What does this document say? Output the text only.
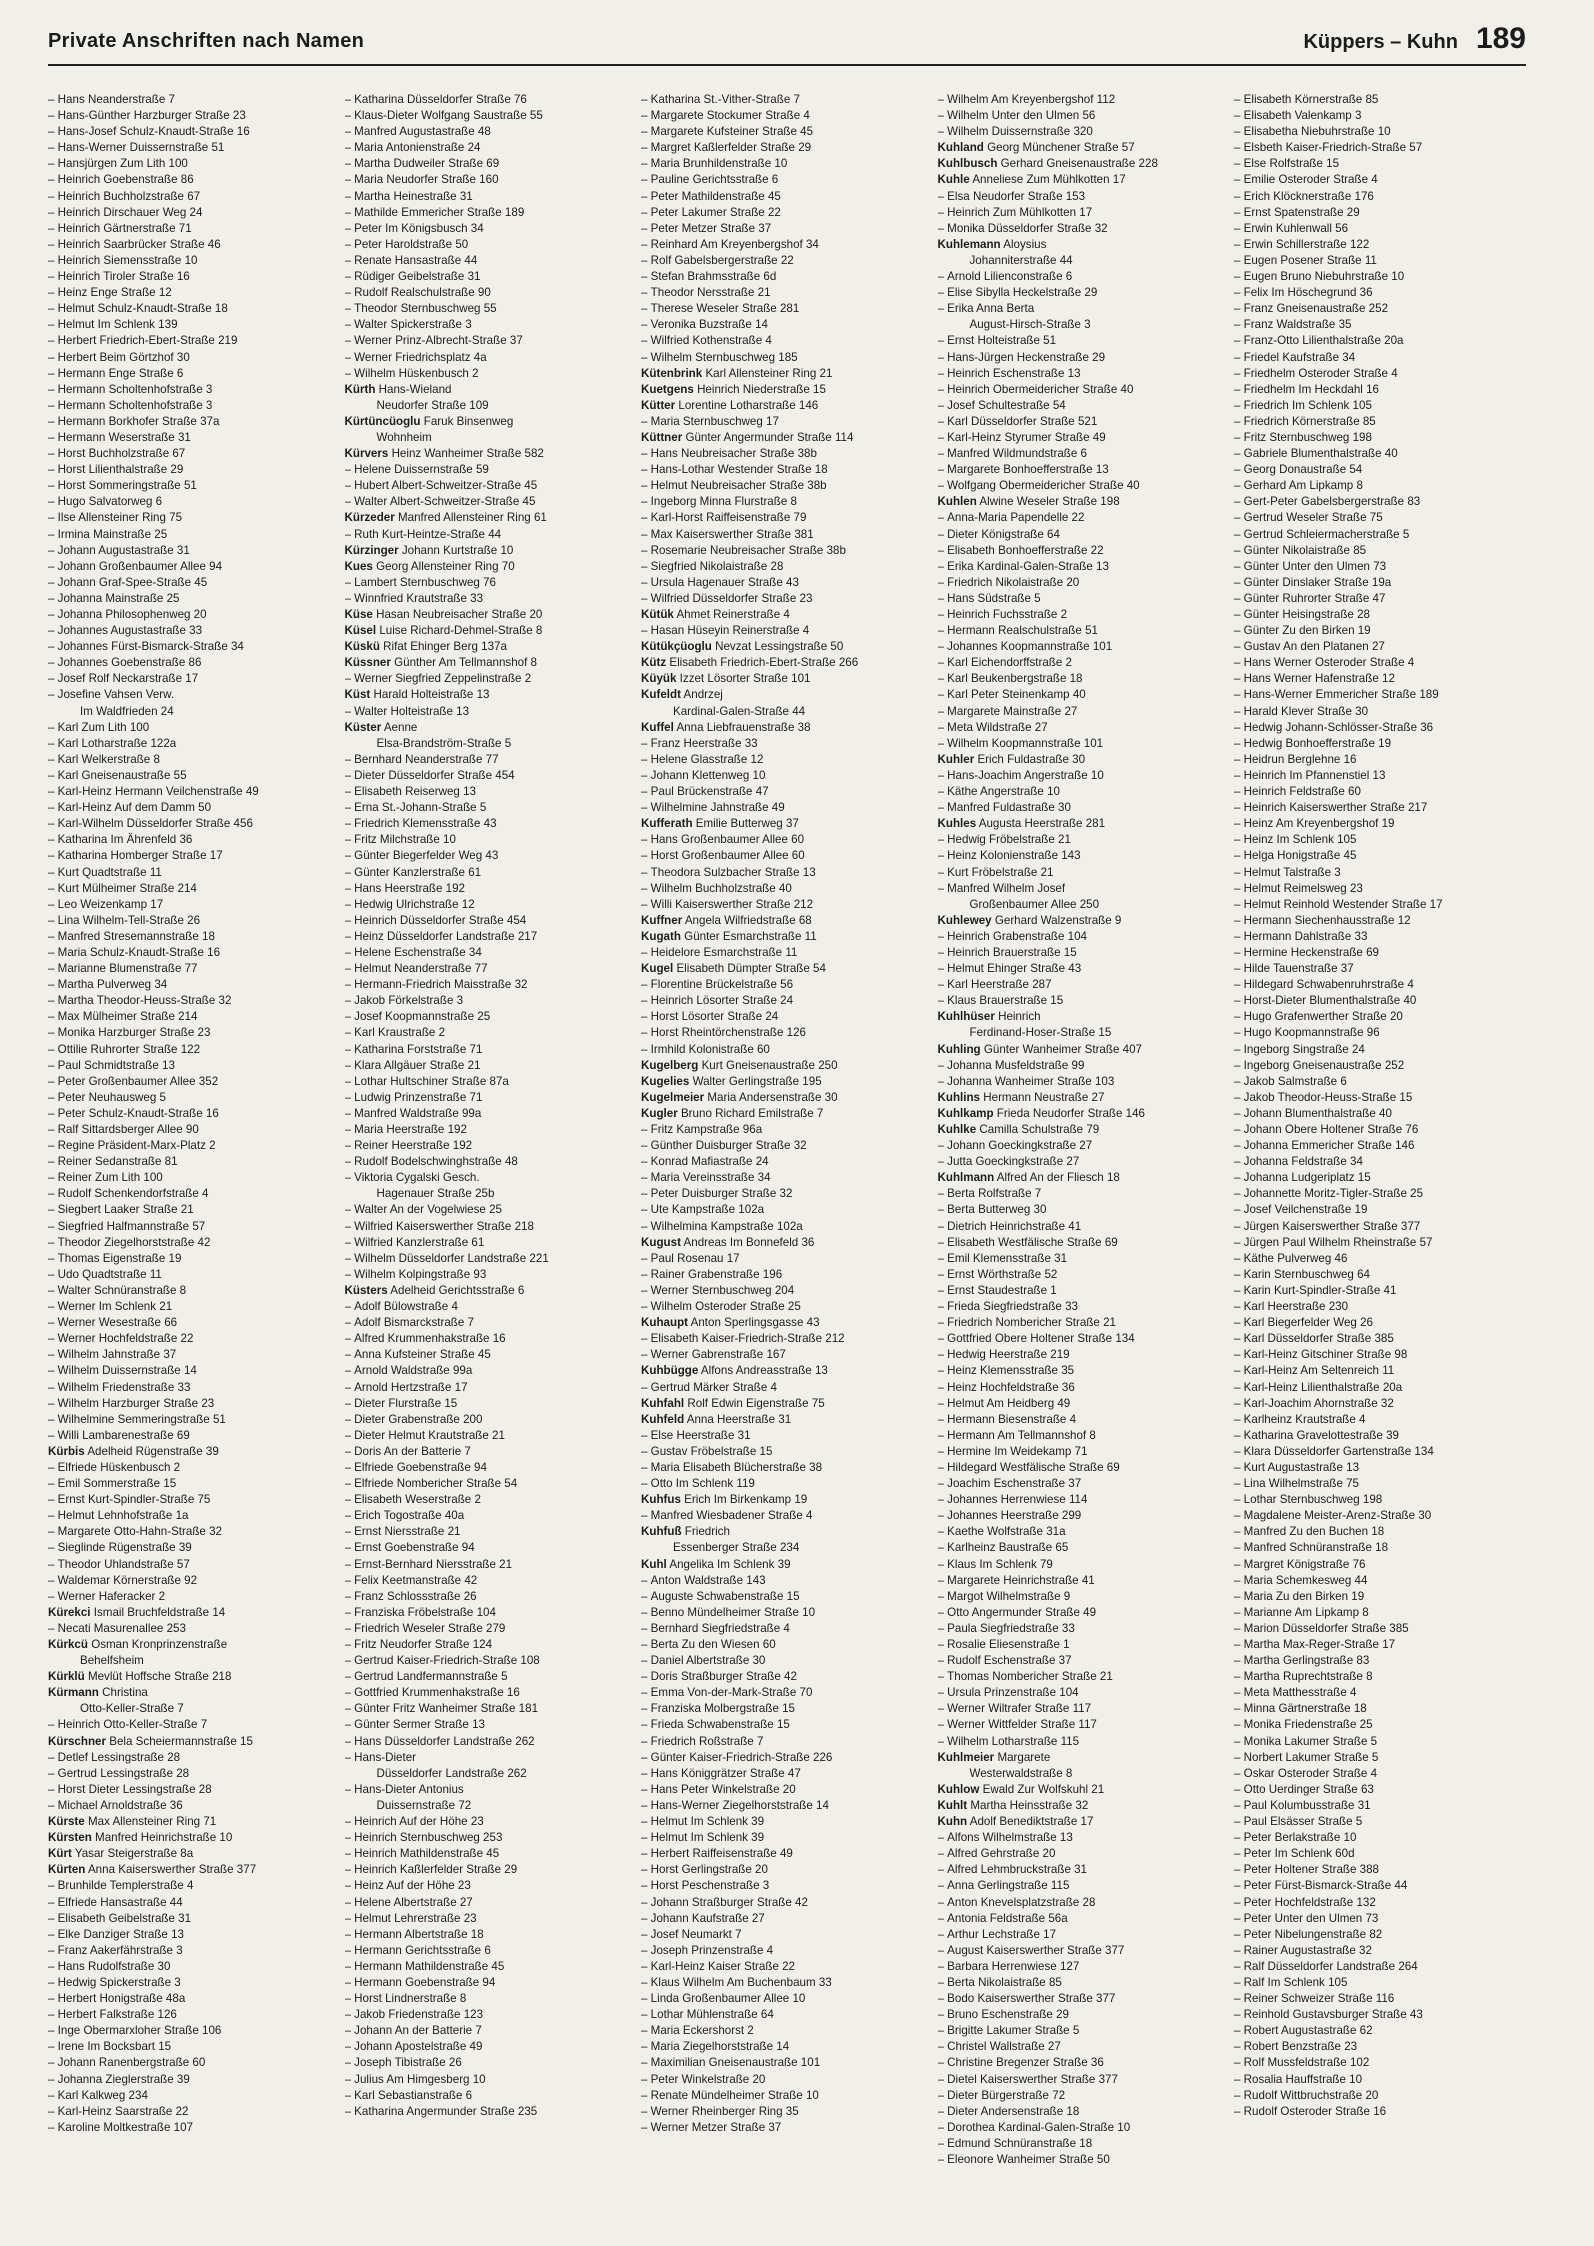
Private Anschriften nach Namen	Küppers – Kuhn 189
– Hans Neanderstraße 7
– Hans-Günther Harzburger Straße 23
– Hans-Josef Schulz-Knaudt-Straße 16
– Hans-Werner Duissernstraße 51
– Hansjürgen Zum Lith 100
– Heinrich Goebenstraße 86
– Heinrich Buchholzstraße 67
– Heinrich Dirschauer Weg 24
– Heinrich Gärtnerstraße 71
– Heinrich Saarbrücker Straße 46
– Heinrich Siemensstraße 10
– Heinrich Tiroler Straße 16
– Heinz Enge Straße 12
– Helmut Schulz-Knaudt-Straße 18
– Helmut Im Schlenk 139
– Herbert Friedrich-Ebert-Straße 219
– Herbert Beim Görtzhof 30
– Hermann Enge Straße 6
– Hermann Scholtenhofstraße 3
– Hermann Scholtenhofstraße 3
– Hermann Borkhofer Straße 37a
– Hermann Weserstraße 31
– Horst Buchholzstraße 67
– Horst Lilienthalstraße 29
– Horst Sommeringstraße 51
– Hugo Salvatorweg 6
– Ilse Allensteiner Ring 75
– Irmina Mainstraße 25
– Johann Augustastraße 31
– Johann Großenbaumer Allee 94
– Johann Graf-Spee-Straße 45
– Johanna Mainstraße 25
– Johanna Philosophenweg 20
– Johannes Augustastraße 33
– Johannes Fürst-Bismarck-Straße 34
– Johannes Goebenstraße 86
– Josef Rolf Neckarstraße 17
– Josefine Vahsen Verw.
Im Waldfrieden 24
– Karl Zum Lith 100
– Karl Lotharstraße 122a
– Karl Welkerstraße 8
– Karl Gneisenaustraße 55
– Karl-Heinz Hermann Veilchenstraße 49
– Karl-Heinz Auf dem Damm 50
– Karl-Wilhelm Düsseldorfer Straße 456
– Katharina Im Ährenfeld 36
– Katharina Homberger Straße 17
– Kurt Quadtstraße 11
– Kurt Mülheimer Straße 214
– Leo Weizenkamp 17
– Lina Wilhelm-Tell-Straße 26
– Manfred Stresemannstraße 18
– Maria Schulz-Knaudt-Straße 16
– Marianne Blumenstraße 77
– Martha Pulverweg 34
– Martha Theodor-Heuss-Straße 32
– Max Mülheimer Straße 214
– Monika Harzburger Straße 23
– Ottilie Ruhrorter Straße 122
– Paul Schmidtstraße 13
– Peter Großenbaumer Allee 352
– Peter Neuhausweg 5
– Peter Schulz-Knaudt-Straße 16
– Ralf Sittardsberger Allee 90
– Regine Präsident-Marx-Platz 2
– Reiner Sedanstraße 81
– Reiner Zum Lith 100
– Rudolf Schenkendorfstraße 4
– Siegbert Laaker Straße 21
– Siegfried Halfmannstraße 57
– Theodor Ziegelhorststraße 42
– Thomas Eigenstraße 19
– Udo Quadtstraße 11
– Walter Schnüranstraße 8
– Werner Im Schlenk 21
– Werner Wesestraße 66
– Werner Hochfeldstraße 22
– Wilhelm Jahnstraße 37
– Wilhelm Duissernstraße 14
– Wilhelm Friedenstraße 33
– Wilhelm Harzburger Straße 23
– Wilhelmine Semmeringstraße 51
– Willi Lambarenestraße 69
Kürbis Adelheid Rügenstraße 39
– Elfriede Hüskenbusch 2
– Emil Sommerstraße 15
– Ernst Kurt-Spindler-Straße 75
– Helmut Lehnhofstraße 1a
– Margarete Otto-Hahn-Straße 32
– Sieglinde Rügenstraße 39
– Theodor Uhlandstraße 57
– Waldemar Körnerstraße 92
– Werner Haferacker 2
Kürekci Ismail Bruchfeldstraße 14
– Necati Masurenallee 253
Kürkcü Osman Kronprinzenstraße
Behelfsheim
Kürklü Mevlüt Hoffsche Straße 218
Kürmann Christina
Otto-Keller-Straße 7
– Heinrich Otto-Keller-Straße 7
Kürschner Bela Scheiermannstraße 15
– Detlef Lessingstraße 28
– Gertrud Lessingstraße 28
– Horst Dieter Lessingstraße 28
– Michael Arnoldstraße 36
Kürste Max Allensteiner Ring 71
Kürsten Manfred Heinrichstraße 10
Kürt Yasar Steigerstraße 8a
Kürten Anna Kaiserswerther Straße 377
– Brunhilde Templerstraße 4
– Elfriede Hansastraße 44
– Elisabeth Geibelstraße 31
– Elke Danziger Straße 13
– Franz Aakerfährstraße 3
– Hans Rudolfstraße 30
– Hedwig Spickerstraße 3
– Herbert Honigstraße 48a
– Herbert Falkstraße 126
– Inge Obermarxloher Straße 106
– Irene Im Bocksbart 15
– Johann Ranenbergstraße 60
– Johanna Zieglerstraße 39
– Karl Kalkweg 234
– Karl-Heinz Saarstraße 22
– Karoline Moltkestraße 107
– Katharina Düsseldorfer Straße 76
– Klaus-Dieter Wolfgang Saustraße 55
– Manfred Augustastraße 48
– Maria Antonienstraße 24
– Martha Dudweiler Straße 69
– Maria Neudorfer Straße 160
– Martha Heinestraße 31
– Mathilde Emmericher Straße 189
– Peter Im Königsbusch 34
– Peter Haroldstraße 50
– Renate Hansastraße 44
– Rüdiger Geibelstraße 31
– Rudolf Realschulstraße 90
– Theodor Sternbuschweg 55
– Walter Spickerstraße 3
– Werner Prinz-Albrecht-Straße 37
– Werner Friedrichsplatz 4a
– Wilhelm Hüskenbusch 2
Kürth Hans-Wieland
Neudorfer Straße 109
Kürtüncüoglu Faruk Binsenweg
Wohnheim
Kürvers Heinz Wanheimer Straße 582
– Helene Duissernstraße 59
– Hubert Albert-Schweitzer-Straße 45
– Walter Albert-Schweitzer-Straße 45
Kürzeder Manfred Allensteiner Ring 61
– Ruth Kurt-Heintze-Straße 44
Kürzinger Johann Kurtstraße 10
Kues Georg Allensteiner Ring 70
– Lambert Sternbuschweg 76
– Winnfried Krautstraße 33
Küse Hasan Neubreisacher Straße 20
Küsel Luise Richard-Dehmel-Straße 8
Küskü Rifat Ehinger Berg 137a
Küssner Günther Am Tellmannshof 8
– Werner Siegfried Zeppelinstraße 2
Küst Harald Holteistraße 13
– Walter Holteistraße 13
Küster Aenne
Elsa-Brandström-Straße 5
– Bernhard Neanderstraße 77
– Dieter Düsseldorfer Straße 454
– Elisabeth Reiserweg 13
– Erna St.-Johann-Straße 5
– Friedrich Klemensstraße 43
– Fritz Milchstraße 10
– Günter Biegerfelder Weg 43
– Günter Kanzlerstraße 61
– Hans Heerstraße 192
– Hedwig Ulrichstraße 12
– Heinrich Düsseldorfer Straße 454
– Heinz Düsseldorfer Landstraße 217
– Helene Eschenstraße 34
– Helmut Neanderstraße 77
– Hermann-Friedrich Maisstraße 32
– Jakob Förkelstraße 3
– Josef Koopmannstraße 25
– Karl Kraustraße 2
– Katharina Forststraße 71
– Klara Allgäuer Straße 21
– Lothar Hultschiner Straße 87a
– Ludwig Prinzenstraße 71
– Manfred Waldstraße 99a
– Maria Heerstraße 192
– Reiner Heerstraße 192
– Rudolf Bodelschwinghstraße 48
– Viktoria Cygalski Gesch.
Hagenauer Straße 25b
– Walter An der Vogelwiese 25
– Wilfried Kaiserswerther Straße 218
– Wilfried Kanzlerstraße 61
– Wilhelm Düsseldorfer Landstraße 221
– Wilhelm Kolpingstraße 93
Küsters Adelheid Gerichtsstraße 6
– Adolf Bülowstraße 4
– Adolf Bismarckstraße 7
– Alfred Krummenhakstraße 16
– Anna Kufsteiner Straße 45
– Arnold Waldstraße 99a
– Arnold Hertzstraße 17
– Dieter Flurstraße 15
– Dieter Grabenstraße 200
– Dieter Helmut Krautstraße 21
– Doris An der Batterie 7
– Elfriede Goebenstraße 94
– Elfriede Nombericher Straße 54
– Elisabeth Weserstraße 2
– Erich Togostraße 40a
– Ernst Niersstraße 21
– Ernst Goebenstraße 94
– Ernst-Bernhard Niersstraße 21
– Felix Keetmanstraße 42
– Franz Schlossstraße 26
– Franziska Fröbelstraße 104
– Friedrich Weseler Straße 279
– Fritz Neudorfer Straße 124
– Gertrud Kaiser-Friedrich-Straße 108
– Gertrud Landfermannstraße 5
– Gottfried Krummenhakstraße 16
– Günter Fritz Wanheimer Straße 181
– Günter Sermer Straße 13
– Hans Düsseldorfer Landstraße 262
– Hans-Dieter
Düsseldorfer Landstraße 262
– Hans-Dieter Antonius
Duissernstraße 72
– Heinrich Auf der Höhe 23
– Heinrich Sternbuschweg 253
– Heinrich Mathildenstraße 45
– Heinrich Kaßlerfelder Straße 29
– Heinz Auf der Höhe 23
– Helene Albertstraße 27
– Helmut Lehrerstraße 23
– Hermann Albertstraße 18
– Hermann Gerichtsstraße 6
– Hermann Mathildenstraße 45
– Hermann Goebenstraße 94
– Horst Lindnerstraße 8
– Jakob Friedenstraße 123
– Johann An der Batterie 7
– Johann Apostelstraße 49
– Joseph Tibistraße 26
– Julius Am Himgesberg 10
– Karl Sebastianstraße 6
– Katharina Angermunder Straße 235
– Katharina St.-Vither-Straße 7
– Margarete Stockumer Straße 4
– Margarete Kufsteiner Straße 45
– Margret Kaßlerfelder Straße 29
– Maria Brunhildenstraße 10
– Pauline Gerichtsstraße 6
– Peter Mathildenstraße 45
– Peter Lakumer Straße 22
– Peter Metzer Straße 37
– Reinhard Am Kreyenbergshof 34
– Rolf Gabelsbergerstraße 22
– Stefan Brahmsstraße 6d
– Theodor Nersstraße 21
– Therese Weseler Straße 281
– Veronika Buzstraße 14
– Wilfried Kothenstraße 4
– Wilhelm Sternbuschweg 185
Kütenbrink Karl Allensteiner Ring 21
Kuetgens Heinrich Niederstraße 15
Kütter Lorentine Lotharstraße 146
– Maria Sternbuschweg 17
Küttner Günter Angermunder Straße 114
– Hans Neubreisacher Straße 38b
– Hans-Lothar Westender Straße 18
– Helmut Neubreisacher Straße 38b
– Ingeborg Minna Flurstraße 8
– Karl-Horst Raiffeisenstraße 79
– Max Kaiserswerther Straße 381
– Rosemarie Neubreisacher Straße 38b
– Siegfried Nikolaistraße 28
– Ursula Hagenauer Straße 43
– Wilfried Düsseldorfer Straße 23
Kütük Ahmet Reinerstraße 4
– Hasan Hüseyin Reinerstraße 4
Kütükçüoglu Nevzat Lessingstraße 50
Kütz Elisabeth Friedrich-Ebert-Straße 266
Küyük Izzet Lösorter Straße 101
Kufeldt Andrzej
Kardinal-Galen-Straße 44
Kuffel Anna Liebfrauenstraße 38
– Franz Heerstraße 33
– Helene Glasstraße 12
– Johann Klettenweg 10
– Paul Brückenstraße 47
– Wilhelmine Jahnstraße 49
Kufferath Emilie Butterweg 37
– Hans Großenbaumer Allee 60
– Horst Großenbaumer Allee 60
– Theodora Sulzbacher Straße 13
– Wilhelm Buchholzstraße 40
– Willi Kaiserswerther Straße 212
Kuffner Angela Wilfriedstraße 68
Kugath Günter Esmarchstraße 11
– Heidelore Esmarchstraße 11
Kugel Elisabeth Dümpter Straße 54
– Florentine Brückelstraße 56
– Heinrich Lösorter Straße 24
– Horst Lösorter Straße 24
– Horst Rheintörchenstraße 126
– Irmhild Kolonistraße 60
Kugelberg Kurt Gneisenaustraße 250
Kugelies Walter Gerlingstraße 195
Kugelmeier Maria Andersenstraße 30
Kugler Bruno Richard Emilstraße 7
– Fritz Kampstraße 96a
– Günther Duisburger Straße 32
– Konrad Mafiastraße 24
– Maria Vereinsstraße 34
– Peter Duisburger Straße 32
– Ute Kampstraße 102a
– Wilhelmina Kampstraße 102a
Kugust Andreas Im Bonnefeld 36
– Paul Rosenau 17
– Rainer Grabenstraße 196
– Werner Sternbuschweg 204
– Wilhelm Osteroder Straße 25
Kuhaupt Anton Sperlingsgasse 43
– Elisabeth Kaiser-Friedrich-Straße 212
– Werner Gabrenstraße 167
Kuhbügge Alfons Andreasstraße 13
– Gertrud Märker Straße 4
Kuhfahl Rolf Edwin Eigenstraße 75
Kuhfeld Anna Heerstraße 31
– Else Heerstraße 31
– Gustav Fröbelstraße 15
– Maria Elisabeth Blücherstraße 38
– Otto Im Schlenk 119
Kuhfus Erich Im Birkenkamp 19
– Manfred Wiesbadener Straße 4
Kuhfuß Friedrich
Essenberger Straße 234
Kuhl Angelika Im Schlenk 39
– Anton Waldstraße 143
– Auguste Schwabenstraße 15
– Benno Mündelheimer Straße 10
– Bernhard Siegfriedstraße 4
– Berta Zu den Wiesen 60
– Daniel Albertstraße 30
– Doris Straßburger Straße 42
– Emma Von-der-Mark-Straße 70
– Franziska Molbergstraße 15
– Frieda Schwabenstraße 15
– Friedrich Roßstraße 7
– Günter Kaiser-Friedrich-Straße 226
– Hans Königgrätzer Straße 47
– Hans Peter Winkelstraße 20
– Hans-Werner Ziegelhorststraße 14
– Helmut Im Schlenk 39
– Helmut Im Schlenk 39
– Herbert Raiffeisenstraße 49
– Horst Gerlingstraße 20
– Horst Peschenstraße 3
– Johann Straßburger Straße 42
– Johann Kaufstraße 27
– Josef Neumarkt 7
– Joseph Prinzenstraße 4
– Karl-Heinz Kaiser Straße 22
– Klaus Wilhelm Am Buchenbaum 33
– Linda Großenbaumer Allee 10
– Lothar Mühlenstraße 64
– Maria Eckershorst 2
– Maria Ziegelhorststraße 14
– Maximilian Gneisenaustraße 101
– Peter Winkelstraße 20
– Renate Mündelheimer Straße 10
– Werner Rheinberger Ring 35
– Werner Metzer Straße 37
– Wilhelm Am Kreyenbergshof 112
– Wilhelm Unter den Ulmen 56
– Wilhelm Duissernstraße 320
Kuhland Georg Münchener Straße 57
Kuhlbusch Gerhard Gneisenaustraße 228
Kuhle Anneliese Zum Mühlkotten 17
– Elsa Neudorfer Straße 153
– Heinrich Zum Mühlkotten 17
– Monika Düsseldorfer Straße 32
Kuhlemann Aloysius
Johanniterstraße 44
– Arnold Lilienconstraße 6
– Elise Sibylla Heckelstraße 29
– Erika Anna Berta
August-Hirsch-Straße 3
– Ernst Holteistraße 51
– Hans-Jürgen Heckenstraße 29
– Heinrich Eschenstraße 13
– Heinrich Obermeidericher Straße 40
– Josef Schultestraße 54
– Karl Düsseldorfer Straße 521
– Karl-Heinz Styrumer Straße 49
– Manfred Wildmundstraße 6
– Margarete Bonhoefferstraße 13
– Wolfgang Obermeidericher Straße 40
Kuhlen Alwine Weseler Straße 198
– Anna-Maria Papendelle 22
– Dieter Königstraße 64
– Elisabeth Bonhoefferstraße 22
– Erika Kardinal-Galen-Straße 13
– Friedrich Nikolaistraße 20
– Hans Südstraße 5
– Heinrich Fuchsstraße 2
– Hermann Realschulstraße 51
– Johannes Koopmannstraße 101
– Karl Eichendorffstraße 2
– Karl Beukenbergstraße 18
– Karl Peter Steinenkamp 40
– Margarete Mainstraße 27
– Meta Wildstraße 27
– Wilhelm Koopmannstraße 101
Kuhler Erich Fuldastraße 30
– Hans-Joachim Angerstraße 10
– Käthe Angerstraße 10
– Manfred Fuldastraße 30
Kuhles Augusta Heerstraße 281
– Hedwig Fröbelstraße 21
– Heinz Kolonienstraße 143
– Kurt Fröbelstraße 21
– Manfred Wilhelm Josef
Großenbaumer Allee 250
Kuhlewey Gerhard Walzenstraße 9
– Heinrich Grabenstraße 104
– Heinrich Brauerstraße 15
– Helmut Ehinger Straße 43
– Karl Heerstraße 287
– Klaus Brauerstraße 15
Kuhlhüser Heinrich
Ferdinand-Hoser-Straße 15
Kuhling Günter Wanheimer Straße 407
– Johanna Musfeldstraße 99
– Johanna Wanheimer Straße 103
Kuhlins Hermann Neustraße 27
Kuhlkamp Frieda Neudorfer Straße 146
Kuhlke Camilla Schulstraße 79
– Johann Goeckingkstraße 27
– Jutta Goeckingkstraße 27
Kuhlmann Alfred An der Fliesch 18
– Berta Rolfstraße 7
– Berta Butterweg 30
– Dietrich Heinrichstraße 41
– Elisabeth Westfälische Straße 69
– Emil Klemensstraße 31
– Ernst Wörthstraße 52
– Ernst Staudestraße 1
– Frieda Siegfriedstraße 33
– Friedrich Nombericher Straße 21
– Gottfried Obere Holtener Straße 134
– Hedwig Heerstraße 219
– Heinz Klemensstraße 35
– Heinz Hochfeldstraße 36
– Helmut Am Heidberg 49
– Hermann Biesenstraße 4
– Hermann Am Tellmannshof 8
– Hermine Im Weidekamp 71
– Hildegard Westfälische Straße 69
– Joachim Eschenstraße 37
– Johannes Herrenwiese 114
– Johannes Heerstraße 299
– Kaethe Wolfstraße 31a
– Karlheinz Baustraße 65
– Klaus Im Schlenk 79
– Margarete Heinrichstraße 41
– Margot Wilhelmstraße 9
– Otto Angermunder Straße 49
– Paula Siegfriedstraße 33
– Rosalie Eliesenstraße 1
– Rudolf Eschenstraße 37
– Thomas Nombericher Straße 21
– Ursula Prinzenstraße 104
– Werner Wiltrafer Straße 117
– Werner Wittfelder Straße 117
– Wilhelm Lotharstraße 115
Kuhlmeier Margarete
Westerwaldstraße 8
Kuhlow Ewald Zur Wolfskuhl 21
Kuhlt Martha Heinsstraße 32
Kuhn Adolf Benediktstraße 17
– Alfons Wilhelmstraße 13
– Alfred Gehrstraße 20
– Alfred Lehmbruckstraße 31
– Anna Gerlingstraße 115
– Anton Knevelsplatzstraße 28
– Antonia Feldstraße 56a
– Arthur Lechstraße 17
– August Kaiserswerther Straße 377
– Barbara Herrenwiese 127
– Berta Nikolaistraße 85
– Bodo Kaiserswerther Straße 377
– Bruno Eschenstraße 29
– Brigitte Lakumer Straße 5
– Christel Wallstraße 27
– Christine Bregenzer Straße 36
– Dietel Kaiserswerther Straße 377
– Dieter Bürgerstraße 72
– Dieter Andersenstraße 18
– Dorothea Kardinal-Galen-Straße 10
– Edmund Schnüranstraße 18
– Eleonore Wanheimer Straße 50
– Elisabeth Körnerstraße 85
– Elisabeth Valenkamp 3
– Elisabetha Niebuhrstraße 10
– Elsbeth Kaiser-Friedrich-Straße 57
– Else Rolfstraße 15
– Emilie Osteroder Straße 4
– Erich Klöcknerstraße 176
– Ernst Spatenstraße 29
– Erwin Kuhlenwall 56
– Erwin Schillerstraße 122
– Eugen Posener Straße 11
– Eugen Bruno Niebuhrstraße 10
– Felix Im Höschegrund 36
– Franz Gneisenaustraße 252
– Franz Waldstraße 35
– Franz-Otto Lilienthalstraße 20a
– Friedel Kaufstraße 34
– Friedhelm Osteroder Straße 4
– Friedhelm Im Heckdahl 16
– Friedrich Im Schlenk 105
– Friedrich Körnerstraße 85
– Fritz Sternbuschweg 198
– Gabriele Blumenthalstraße 40
– Georg Donaustraße 54
– Gerhard Am Lipkamp 8
– Gert-Peter Gabelsbergerstraße 83
– Gertrud Weseler Straße 75
– Gertrud Schleiermacherstraße 5
– Günter Nikolaistraße 85
– Günter Unter den Ulmen 73
– Günter Dinslaker Straße 19a
– Günter Ruhrorter Straße 47
– Günter Heisingstraße 28
– Günter Zu den Birken 19
– Gustav An den Platanen 27
– Hans Werner Osteroder Straße 4
– Hans Werner Hafenstraße 12
– Hans-Werner Emmericher Straße 189
– Harald Klever Straße 30
– Hedwig Johann-Schlösser-Straße 36
– Hedwig Bonhoefferstraße 19
– Heidrun Berglehne 16
– Heinrich Im Pfannenstiel 13
– Heinrich Feldstraße 60
– Heinrich Kaiserswerther Straße 217
– Heinz Am Kreyenbergshof 19
– Heinz Im Schlenk 105
– Helga Honigstraße 45
– Helmut Talstraße 3
– Helmut Reimelsweg 23
– Helmut Reinhold Westender Straße 17
– Hermann Siechenhausstraße 12
– Hermann Dahlstraße 33
– Hermine Heckenstraße 69
– Hilde Tauenstraße 37
– Hildegard Schwabenruhrstraße 4
– Horst-Dieter Blumenthalstraße 40
– Hugo Grafenwerther Straße 20
– Hugo Koopmannstraße 96
– Ingeborg Singstraße 24
– Ingeborg Gneisenaustraße 252
– Jakob Salmstraße 6
– Jakob Theodor-Heuss-Straße 15
– Johann Blumenthalstraße 40
– Johann Obere Holtener Straße 76
– Johanna Emmericher Straße 146
– Johanna Feldstraße 34
– Johanna Ludgeriplatz 15
– Johannette Moritz-Tigler-Straße 25
– Josef Veilchenstraße 19
– Jürgen Kaiserswerther Straße 377
– Jürgen Paul Wilhelm Rheinstraße 57
– Käthe Pulverweg 46
– Karin Sternbuschweg 64
– Karin Kurt-Spindler-Straße 41
– Karl Heerstraße 230
– Karl Biegerfelder Weg 26
– Karl Düsseldorfer Straße 385
– Karl-Heinz Gitschiner Straße 98
– Karl-Heinz Am Seltenreich 11
– Karl-Heinz Lilienthalstraße 20a
– Karl-Joachim Ahornstraße 32
– Karlheinz Krautstraße 4
– Katharina Gravelottestraße 39
– Klara Düsseldorfer Gartenstraße 134
– Kurt Augustastraße 13
– Lina Wilhelmstraße 75
– Lothar Sternbuschweg 198
– Magdalene Meister-Arenz-Straße 30
– Manfred Zu den Buchen 18
– Manfred Schnüranstraße 18
– Margret Königstraße 76
– Maria Schemkesweg 44
– Maria Zu den Birken 19
– Marianne Am Lipkamp 8
– Marion Düsseldorfer Straße 385
– Martha Max-Reger-Straße 17
– Martha Gerlingstraße 83
– Martha Ruprechtstraße 8
– Meta Matthesstraße 4
– Minna Gärtnerstraße 18
– Monika Friedenstraße 25
– Monika Lakumer Straße 5
– Norbert Lakumer Straße 5
– Oskar Osteroder Straße 4
– Otto Uerdinger Straße 63
– Paul Kolumbusstraße 31
– Paul Elsässer Straße 5
– Peter Berlakstraße 10
– Peter Im Schlenk 60d
– Peter Holtener Straße 388
– Peter Fürst-Bismarck-Straße 44
– Peter Hochfeldstraße 132
– Peter Unter den Ulmen 73
– Peter Nibelungenstraße 82
– Rainer Augustastraße 32
– Ralf Düsseldorfer Landstraße 264
– Ralf Im Schlenk 105
– Reiner Schweizer Straße 116
– Reinhold Gustavsburger Straße 43
– Robert Augustastraße 62
– Robert Benzstraße 23
– Rolf Mussfeldstraße 102
– Rosalia Hauffstraße 10
– Rudolf Wittbruchstraße 20
– Rudolf Osteroder Straße 16
